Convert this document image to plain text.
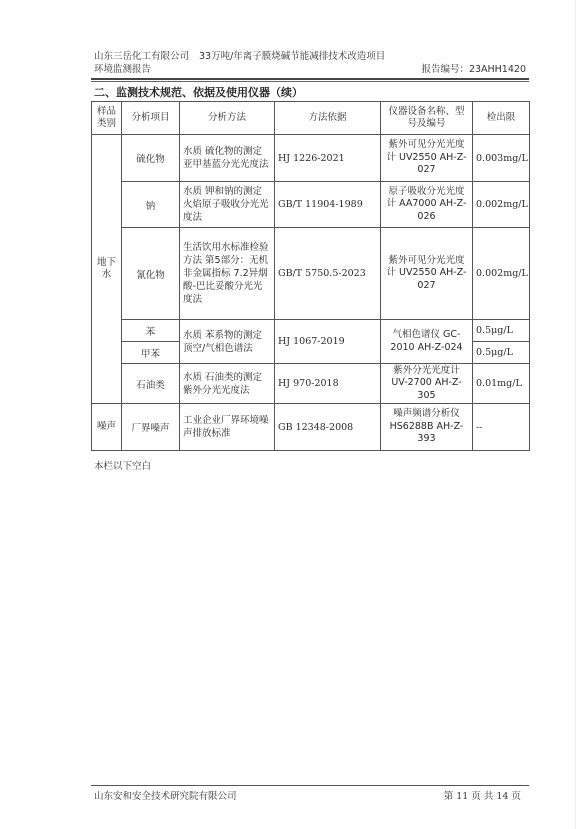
山东三岳化工有限公司 33万吨/年离子膜烧碱节能减排技术改造项目
环境监测报告	报告编号：23AHH1420
二、监测技术规范、依据及使用仪器（续）
样品类别	分析项目	分析方法	方法依据	仪器设备名称、型号及编号	检出限
地下水	硫化物	水质 硫化物的测定 亚甲基蓝分光光度法	HJ 1226-2021	紫外可见分光光度计 UV2550 AH-Z-027	0.003mg/L
	钠	水质 钾和钠的测定 火焰原子吸收分光光度法	GB/T 11904-1989	原子吸收分光光度计 AA7000 AH-Z-026	0.002mg/L
	氰化物	生活饮用水标准检验方法 第5部分：无机非金属指标 7.2异烟酸-巴比妥酸分光光度法	GB/T 5750.5-2023	紫外可见分光光度计 UV2550 AH-Z-027	0.002mg/L
	苯	水质 苯系物的测定 顶空/气相色谱法	HJ 1067-2019	气相色谱仪 GC-2010 AH-Z-024	0.5μg/L
	甲苯				0.5μg/L
	石油类	水质 石油类的测定 紫外分光光度法	HJ 970-2018	紫外分光光度计 UV-2700 AH-Z-305	0.01mg/L
噪声	厂界噪声	工业企业厂界环境噪声排放标准	GB 12348-2008	噪声频谱分析仪 HS6288B AH-Z-393	--
本栏以下空白
山东安和安全技术研究院有限公司	第 11 页 共 14 页
